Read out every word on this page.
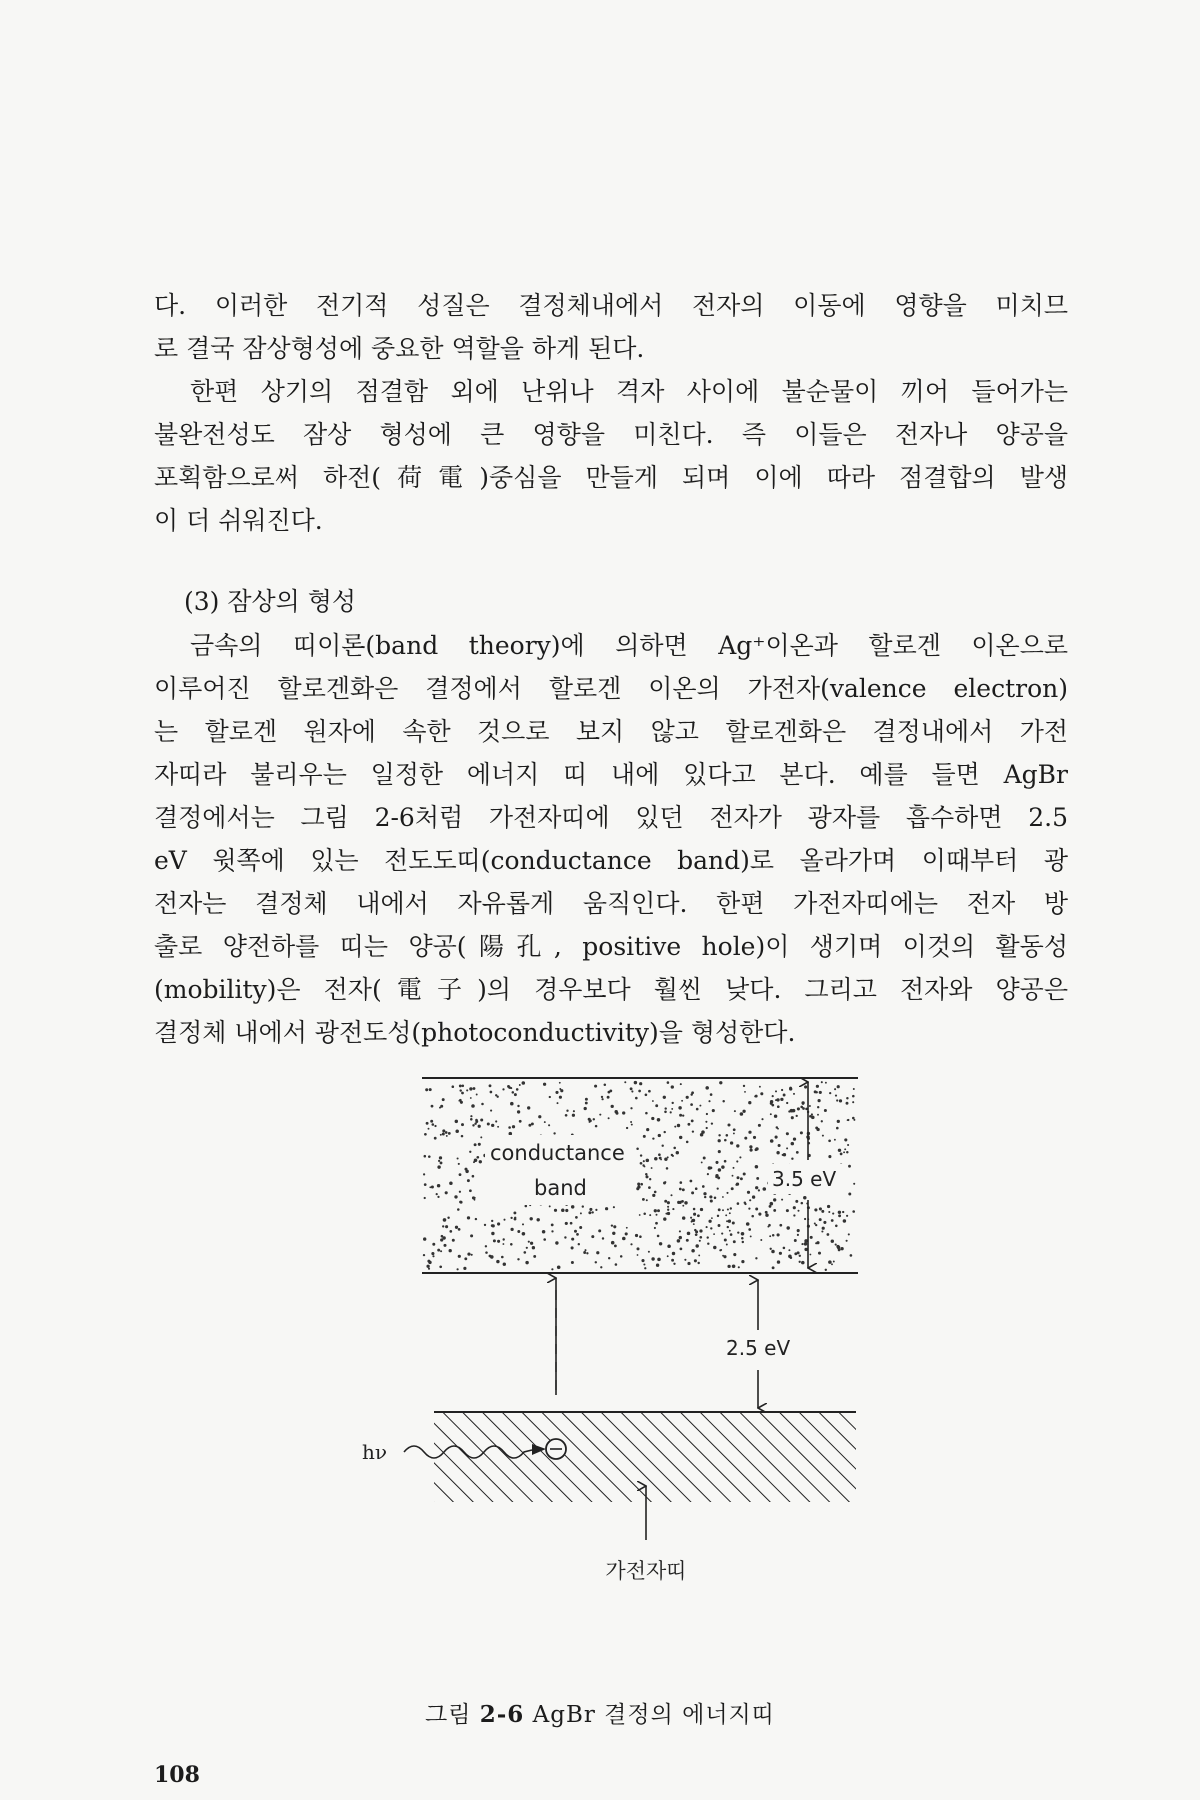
다. 이러한 전기적 성질은 결정체내에서 전자의 이동에 영향을 미치므
로 결국 잠상형성에 중요한 역할을 하게 된다.
한편 상기의 점결함 외에 난위나 격자 사이에 불순물이 끼어 들어가는
불완전성도 잠상 형성에 큰 영향을 미친다. 즉 이들은 전자나 양공을
포획함으로써 하전(荷電)중심을 만들게 되며 이에 따라 점결합의 발생
이 더 쉬워진다.
(3) 잠상의 형성
금속의 띠이론(band theory)에 의하면 Ag⁺이온과 할로겐 이온으로
이루어진 할로겐화은 결정에서 할로겐 이온의 가전자(valence electron)
는 할로겐 원자에 속한 것으로 보지 않고 할로겐화은 결정내에서 가전
자띠라 불리우는 일정한 에너지 띠 내에 있다고 본다. 예를 들면 AgBr
결정에서는 그림 2-6처럼 가전자띠에 있던 전자가 광자를 흡수하면 2.5
eV 윗쪽에 있는 전도도띠(conductance band)로 올라가며 이때부터 광
전자는 결정체 내에서 자유롭게 움직인다. 한편 가전자띠에는 전자 방
출로 양전하를 띠는 양공(陽孔, positive hole)이 생기며 이것의 활동성
(mobility)은 전자(電子)의 경우보다 훨씬 낮다. 그리고 전자와 양공은
결정체 내에서 광전도성(photoconductivity)을 형성한다.
conductance
band	3.5 eV
2.5 eV
hν
가전자띠
그림 2-6 AgBr 결정의 에너지띠
108
